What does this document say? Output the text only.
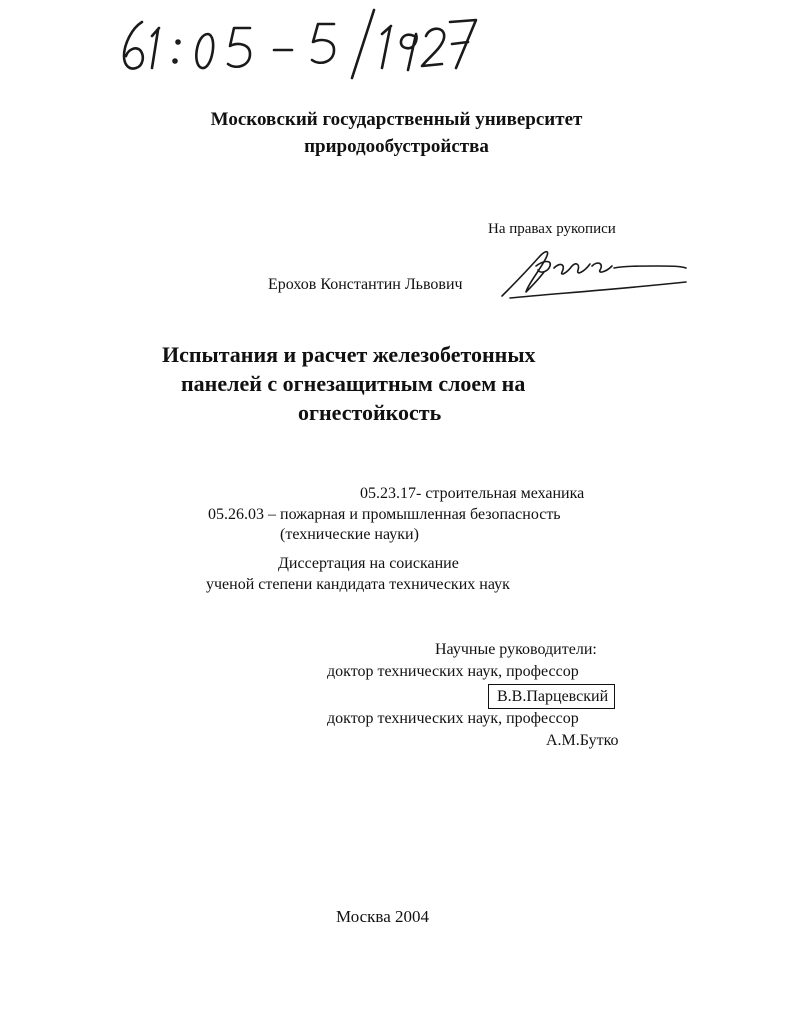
Московский государственный университет
природообустройства
На правах рукописи
Ерохов Константин Львович
Испытания и расчет железобетонных
панелей с огнезащитным слоем на
огнестойкость
05.23.17- строительная механика
05.26.03 – пожарная и промышленная безопасность
(технические науки)
Диссертация на соискание
ученой степени кандидата технических наук
Научные руководители:
доктор технических наук, профессор
В.В.Парцевский
доктор технических наук, профессор
А.М.Бутко
Москва 2004
